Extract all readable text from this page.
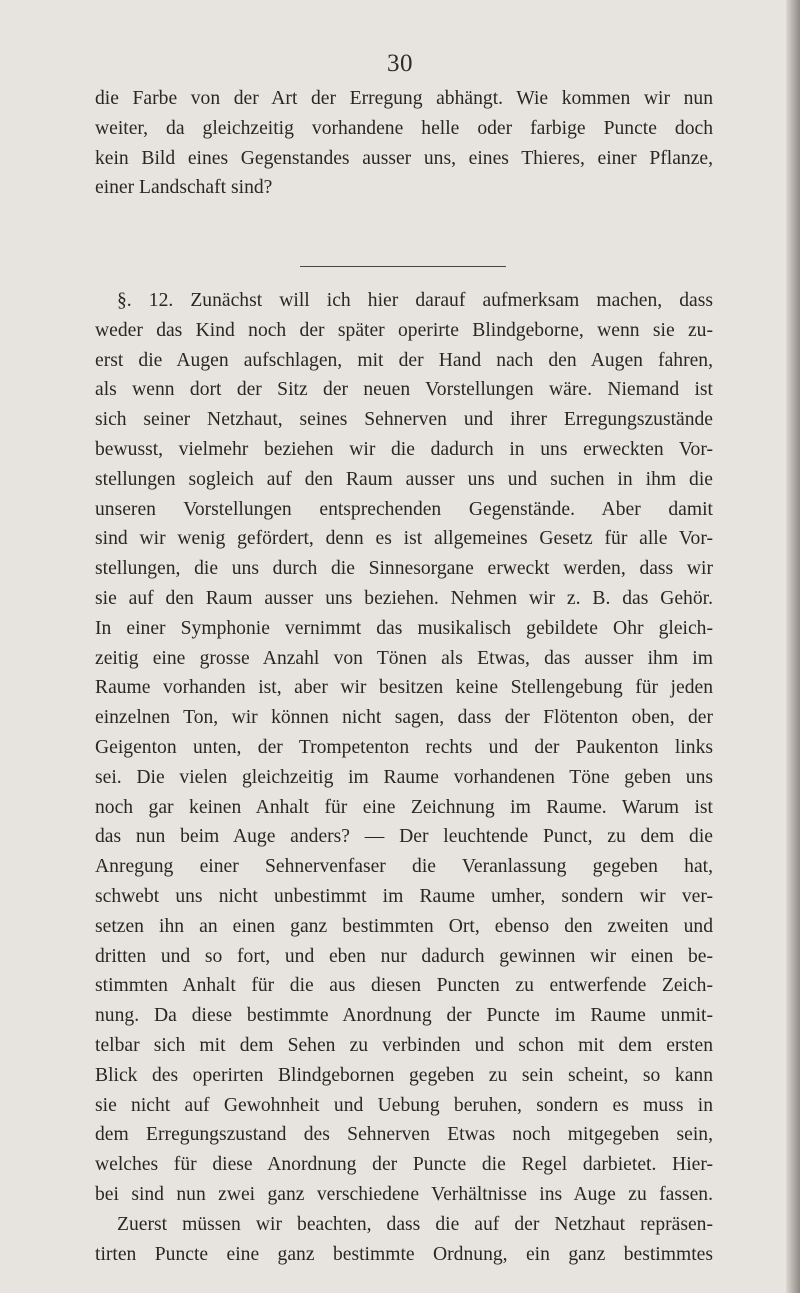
30
die Farbe von der Art der Erregung abhängt. Wie kommen wir nun
weiter, da gleichzeitig vorhandene helle oder farbige Puncte doch
kein Bild eines Gegenstandes ausser uns, eines Thieres, einer Pflanze,
einer Landschaft sind?
§. 12. Zunächst will ich hier darauf aufmerksam machen, dass
weder das Kind noch der später operirte Blindgeborne, wenn sie zu-
erst die Augen aufschlagen, mit der Hand nach den Augen fahren,
als wenn dort der Sitz der neuen Vorstellungen wäre. Niemand ist
sich seiner Netzhaut, seines Sehnerven und ihrer Erregungszustände
bewusst, vielmehr beziehen wir die dadurch in uns erweckten Vor-
stellungen sogleich auf den Raum ausser uns und suchen in ihm die
unseren Vorstellungen entsprechenden Gegenstände. Aber damit
sind wir wenig gefördert, denn es ist allgemeines Gesetz für alle Vor-
stellungen, die uns durch die Sinnesorgane erweckt werden, dass wir
sie auf den Raum ausser uns beziehen. Nehmen wir z. B. das Gehör.
In einer Symphonie vernimmt das musikalisch gebildete Ohr gleich-
zeitig eine grosse Anzahl von Tönen als Etwas, das ausser ihm im
Raume vorhanden ist, aber wir besitzen keine Stellengebung für jeden
einzelnen Ton, wir können nicht sagen, dass der Flötenton oben, der
Geigenton unten, der Trompetenton rechts und der Paukenton links
sei. Die vielen gleichzeitig im Raume vorhandenen Töne geben uns
noch gar keinen Anhalt für eine Zeichnung im Raume. Warum ist
das nun beim Auge anders? — Der leuchtende Punct, zu dem die
Anregung einer Sehnervenfaser die Veranlassung gegeben hat,
schwebt uns nicht unbestimmt im Raume umher, sondern wir ver-
setzen ihn an einen ganz bestimmten Ort, ebenso den zweiten und
dritten und so fort, und eben nur dadurch gewinnen wir einen be-
stimmten Anhalt für die aus diesen Puncten zu entwerfende Zeich-
nung. Da diese bestimmte Anordnung der Puncte im Raume unmit-
telbar sich mit dem Sehen zu verbinden und schon mit dem ersten
Blick des operirten Blindgebornen gegeben zu sein scheint, so kann
sie nicht auf Gewohnheit und Uebung beruhen, sondern es muss in
dem Erregungszustand des Sehnerven Etwas noch mitgegeben sein,
welches für diese Anordnung der Puncte die Regel darbietet. Hier-
bei sind nun zwei ganz verschiedene Verhältnisse ins Auge zu fassen.
Zuerst müssen wir beachten, dass die auf der Netzhaut repräsen-
tirten Puncte eine ganz bestimmte Ordnung, ein ganz bestimmtes
